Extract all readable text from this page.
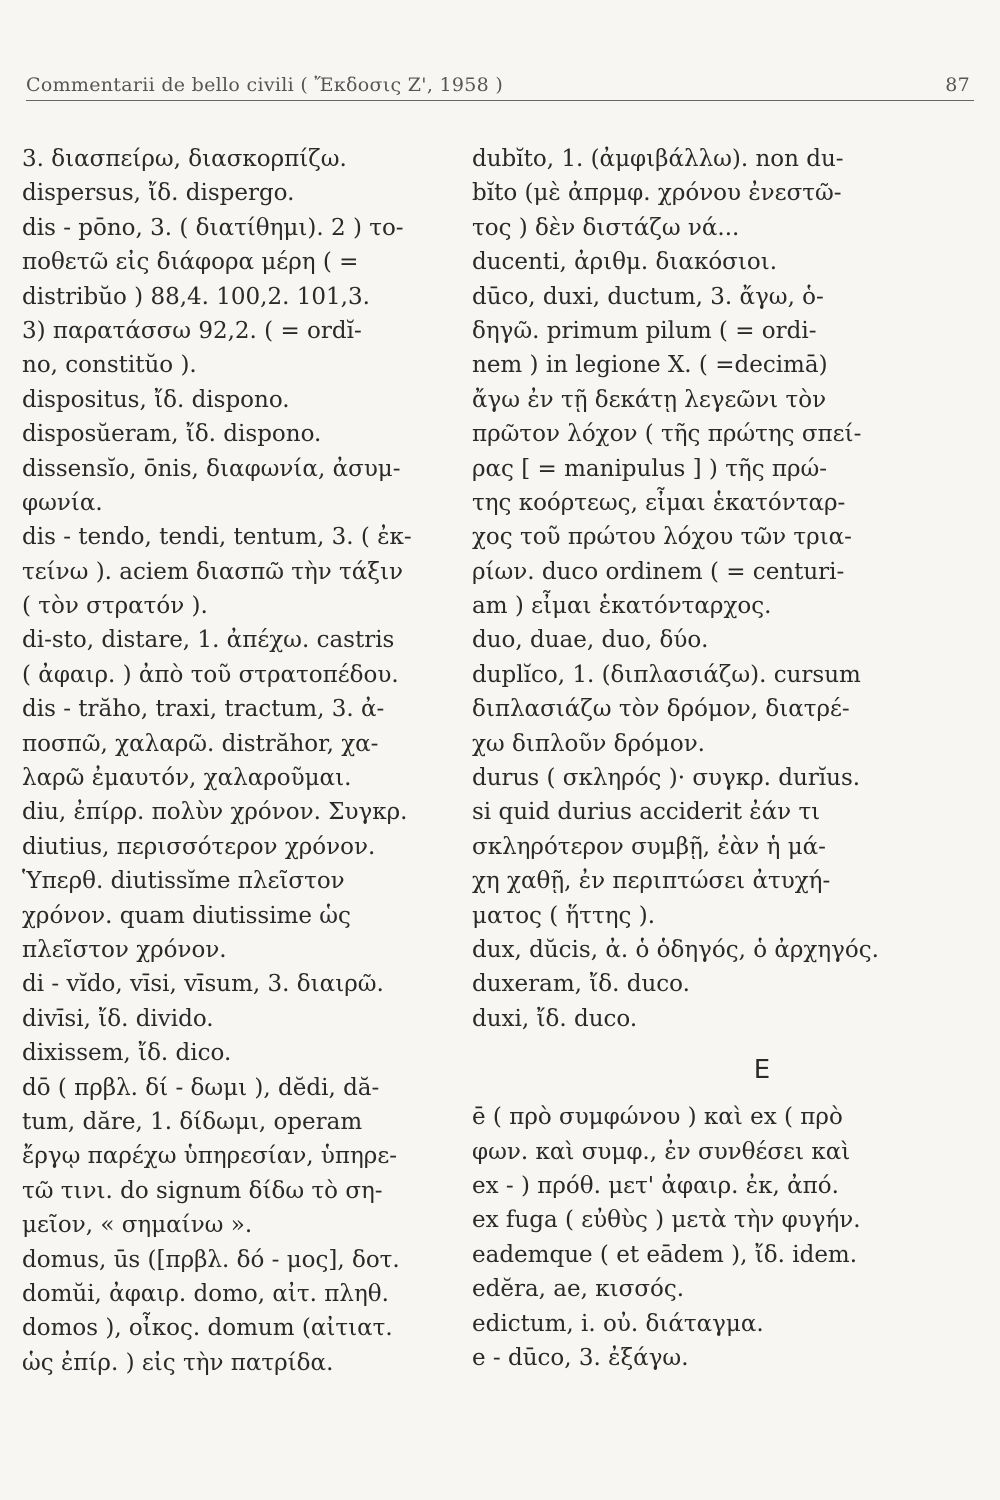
Commentarii de bello civili ( Ἔκδοσις Ζ', 1958 )	87
3. διασπείρω, διασκορπίζω.
dispersus, ἴδ. dispergo.
dis - pōno, 3. ( διατίθημι). 2 ) το-
ποθετῶ εἰς διάφορα μέρη ( =
distribŭo ) 88,4. 100,2. 101,3.
3) παρατάσσω 92,2. ( = ordĭ-
no, constitŭo ).
dispositus, ἴδ. dispono.
disposŭeram, ἴδ. dispono.
dissensĭo, ōnis, διαφωνία, ἀσυμ-
φωνία.
dis - tendo, tendi, tentum, 3. ( ἐκ-
τείνω ). aciem διασπῶ τὴν τάξιν
( τὸν στρατόν ).
di-sto, distare, 1. ἀπέχω. castris
( ἀφαιρ. ) ἀπὸ τοῦ στρατοπέδου.
dis - trăho, traxi, tractum, 3. ἀ-
ποσπῶ, χαλαρῶ. distrăhor, χα-
λαρῶ ἐμαυτόν, χαλαροῦμαι.
diu, ἐπίρρ. πολὺν χρόνον. Συγκρ.
diutius, περισσότερον χρόνον.
Ὑπερθ. diutissĭme πλεῖστον
χρόνον. quam diutissime ὡς
πλεῖστον χρόνον.
di - vĭdo, vīsi, vīsum, 3. διαιρῶ.
divīsi, ἴδ. divido.
dixissem, ἴδ. dico.
dō ( πρβλ. δί - δωμι ), dĕdi, dă-
tum, dăre, 1. δίδωμι, operam
ἔργῳ παρέχω ὑπηρεσίαν, ὑπηρε-
τῶ τινι. do signum δίδω τὸ ση-
μεῖον, « σημαίνω ».
domus, ūs ([πρβλ. δό - μος], δοτ.
domŭi, ἀφαιρ. domo, αἰτ. πληθ.
domos ), οἶκος. domum (αἰτιατ.
ὡς ἐπίρ. ) εἰς τὴν πατρίδα.
dubĭto, 1. (ἀμφιβάλλω). non du-
bĭto (μὲ ἀπρμφ. χρόνου ἐνεστῶ-
τος ) δὲν διστάζω νά...
ducenti, ἀριθμ. διακόσιοι.
dūco, duxi, ductum, 3. ἄγω, ὁ-
δηγῶ. primum pilum ( = ordi-
nem ) in legione X. ( =decimā)
ἄγω ἐν τῇ δεκάτῃ λεγεῶνι τὸν
πρῶτον λόχον ( τῆς πρώτης σπεί-
ρας [ = manipulus ] ) τῆς πρώ-
της κοόρτεως, εἶμαι ἑκατόνταρ-
χος τοῦ πρώτου λόχου τῶν τρια-
ρίων. duco ordinem ( = centuri-
am ) εἶμαι ἑκατόνταρχος.
duo, duae, duo, δύο.
duplĭco, 1. (διπλασιάζω). cursum
διπλασιάζω τὸν δρόμον, διατρέ-
χω διπλοῦν δρόμον.
durus ( σκληρός )· συγκρ. durĭus.
si quid durius acciderit ἐάν τι
σκληρότερον συμβῇ, ἐὰν ἡ μά-
χη χαθῇ, ἐν περιπτώσει ἀτυχή-
ματος ( ἥττης ).
dux, dŭcis, ἀ. ὁ ὁδηγός, ὁ ἀρχηγός.
duxeram, ἴδ. duco.
duxi, ἴδ. duco.
E
ē ( πρὸ συμφώνου ) καὶ ex ( πρὸ
φων. καὶ συμφ., ἐν συνθέσει καὶ
ex - ) πρόθ. μετ' ἀφαιρ. ἐκ, ἀπό.
ex fuga ( εὐθὺς ) μετὰ τὴν φυγήν.
eademque ( et eādem ), ἴδ. idem.
edĕra, ae, κισσός.
edictum, i. οὐ. διάταγμα.
e - dūco, 3. ἐξάγω.
